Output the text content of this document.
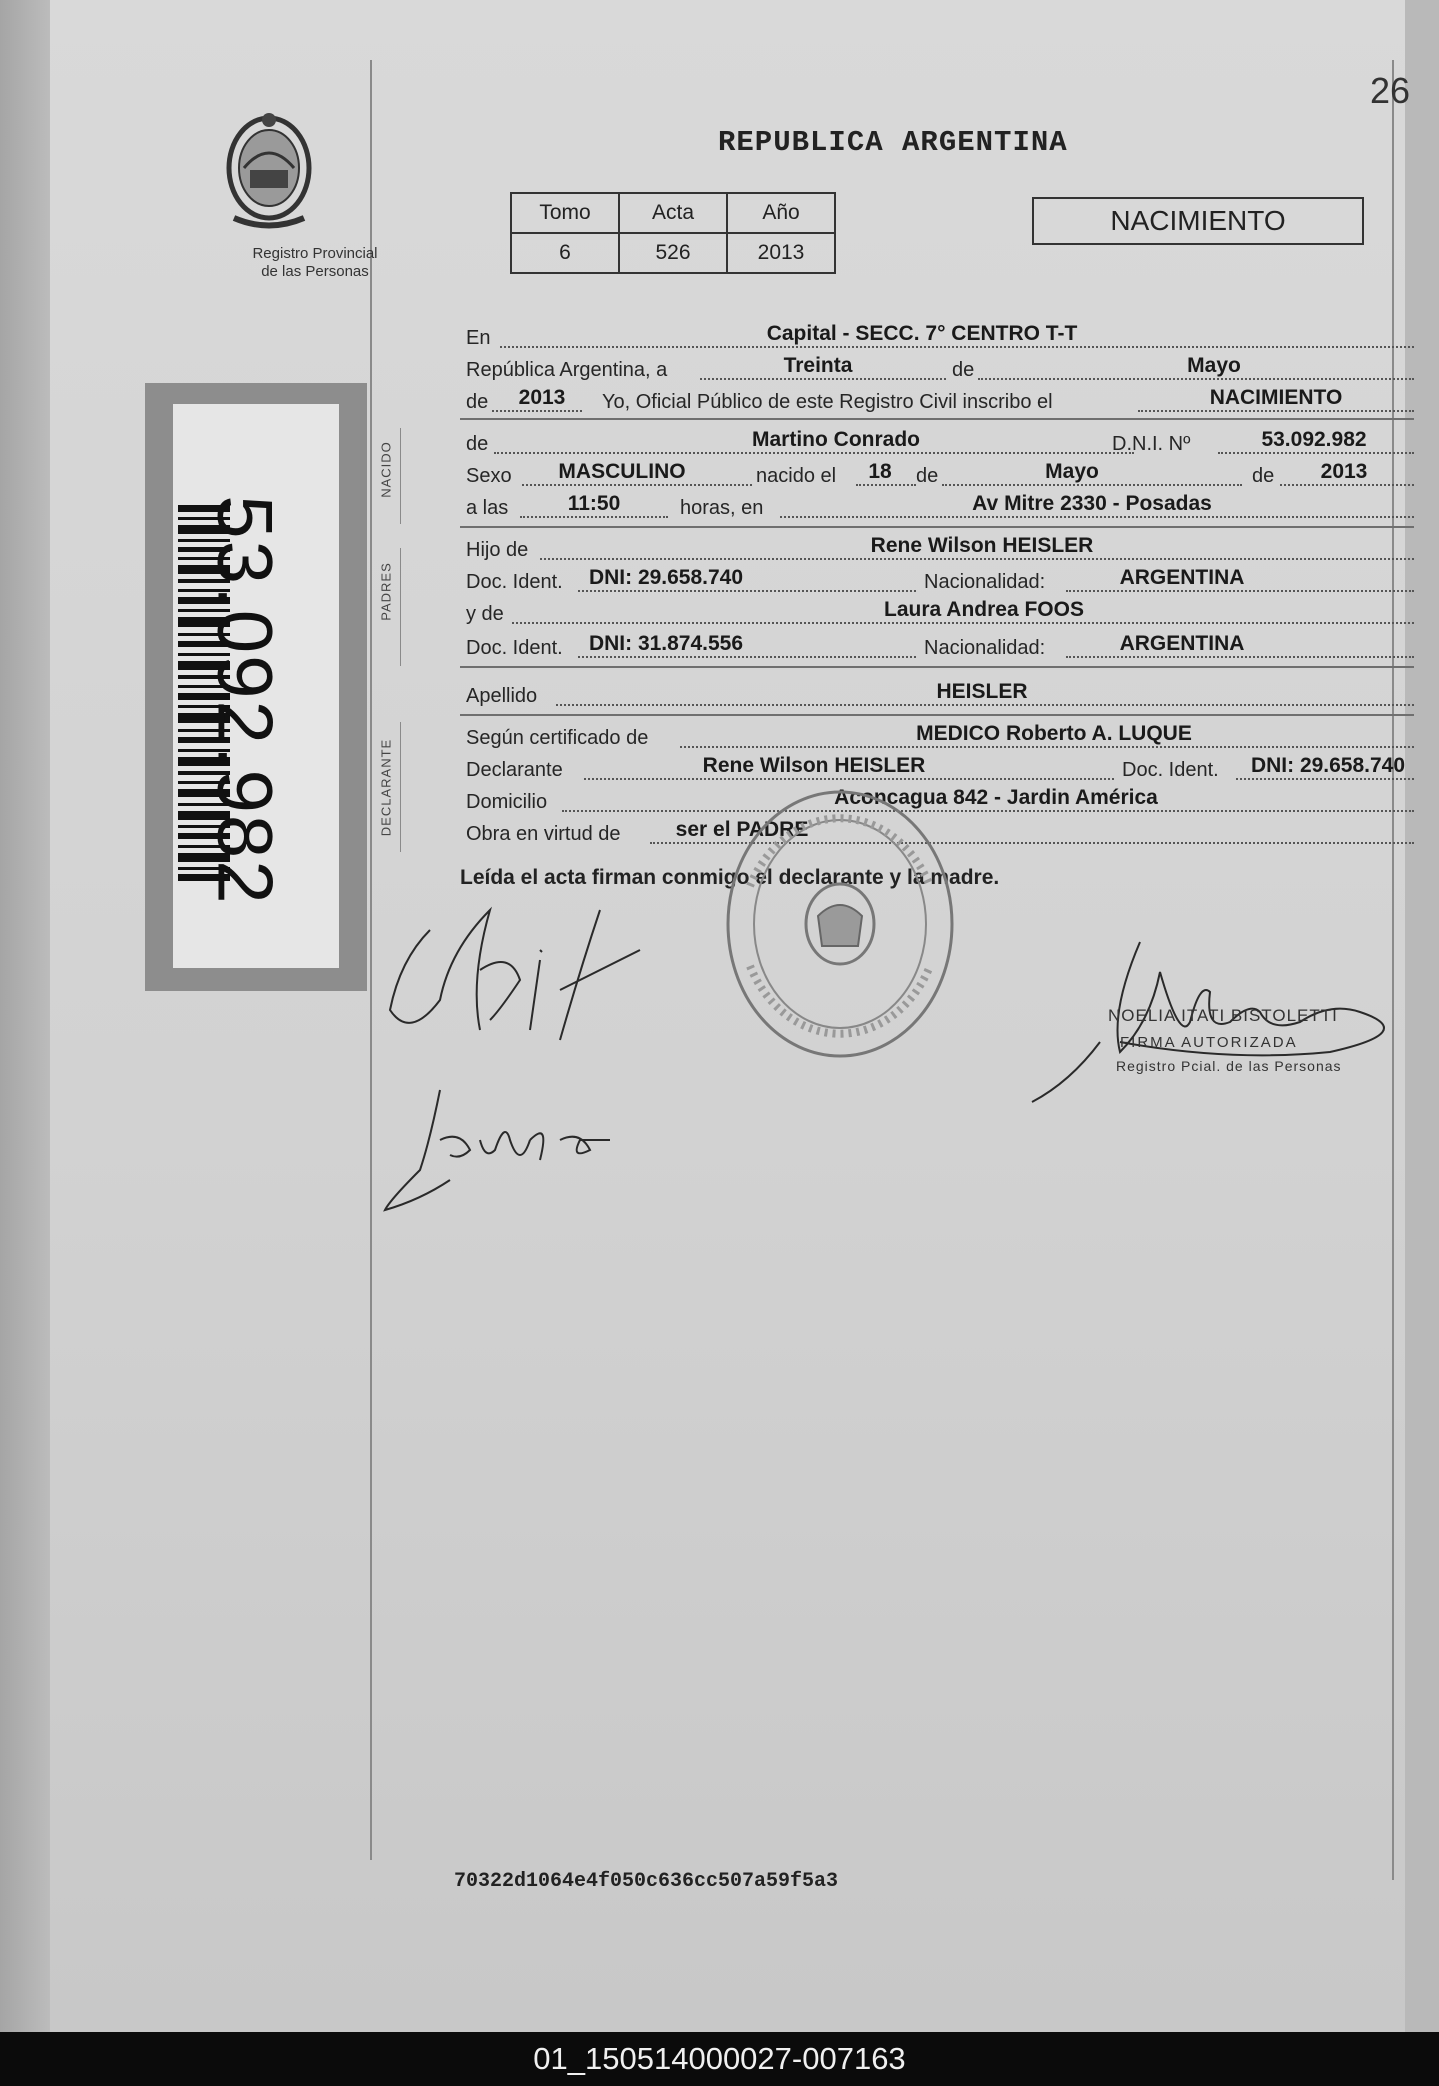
26
REPUBLICA ARGENTINA
Registro Provincial
de las Personas
Tomo	Acta	Año
6	526	2013
NACIMIENTO
53.092.982
NACIDO
PADRES
DECLARANTE
En	Capital - SECC. 7° CENTRO T-T
República Argentina, a	Treinta	de	Mayo
de 2013 Yo, Oficial Público de este Registro Civil inscribo el	NACIMIENTO
de	Martino Conrado	D.N.I. Nº	53.092.982
Sexo MASCULINO	nacido el 18 de	Mayo	de 2013
a las	11:50	horas, en	Av Mitre 2330 - Posadas
Hijo de	Rene Wilson HEISLER
Doc. Ident. DNI: 29.658.740	Nacionalidad:	ARGENTINA
y de	Laura Andrea FOOS
Doc. Ident. DNI: 31.874.556	Nacionalidad:	ARGENTINA
Apellido	HEISLER
Según certificado de	MEDICO Roberto A. LUQUE
Declarante	Rene Wilson HEISLER	Doc. Ident. DNI: 29.658.740
Domicilio	Aconcagua 842 - Jardin América
Obra en virtud de	ser el PADRE
Leída el acta firman conmigo el declarante y la madre.
NOELIA ITATI BISTOLETTI
FIRMA AUTORIZADA
Registro Pcial. de las Personas
70322d1064e4f050c636cc507a59f5a3
01_150514000027-007163
